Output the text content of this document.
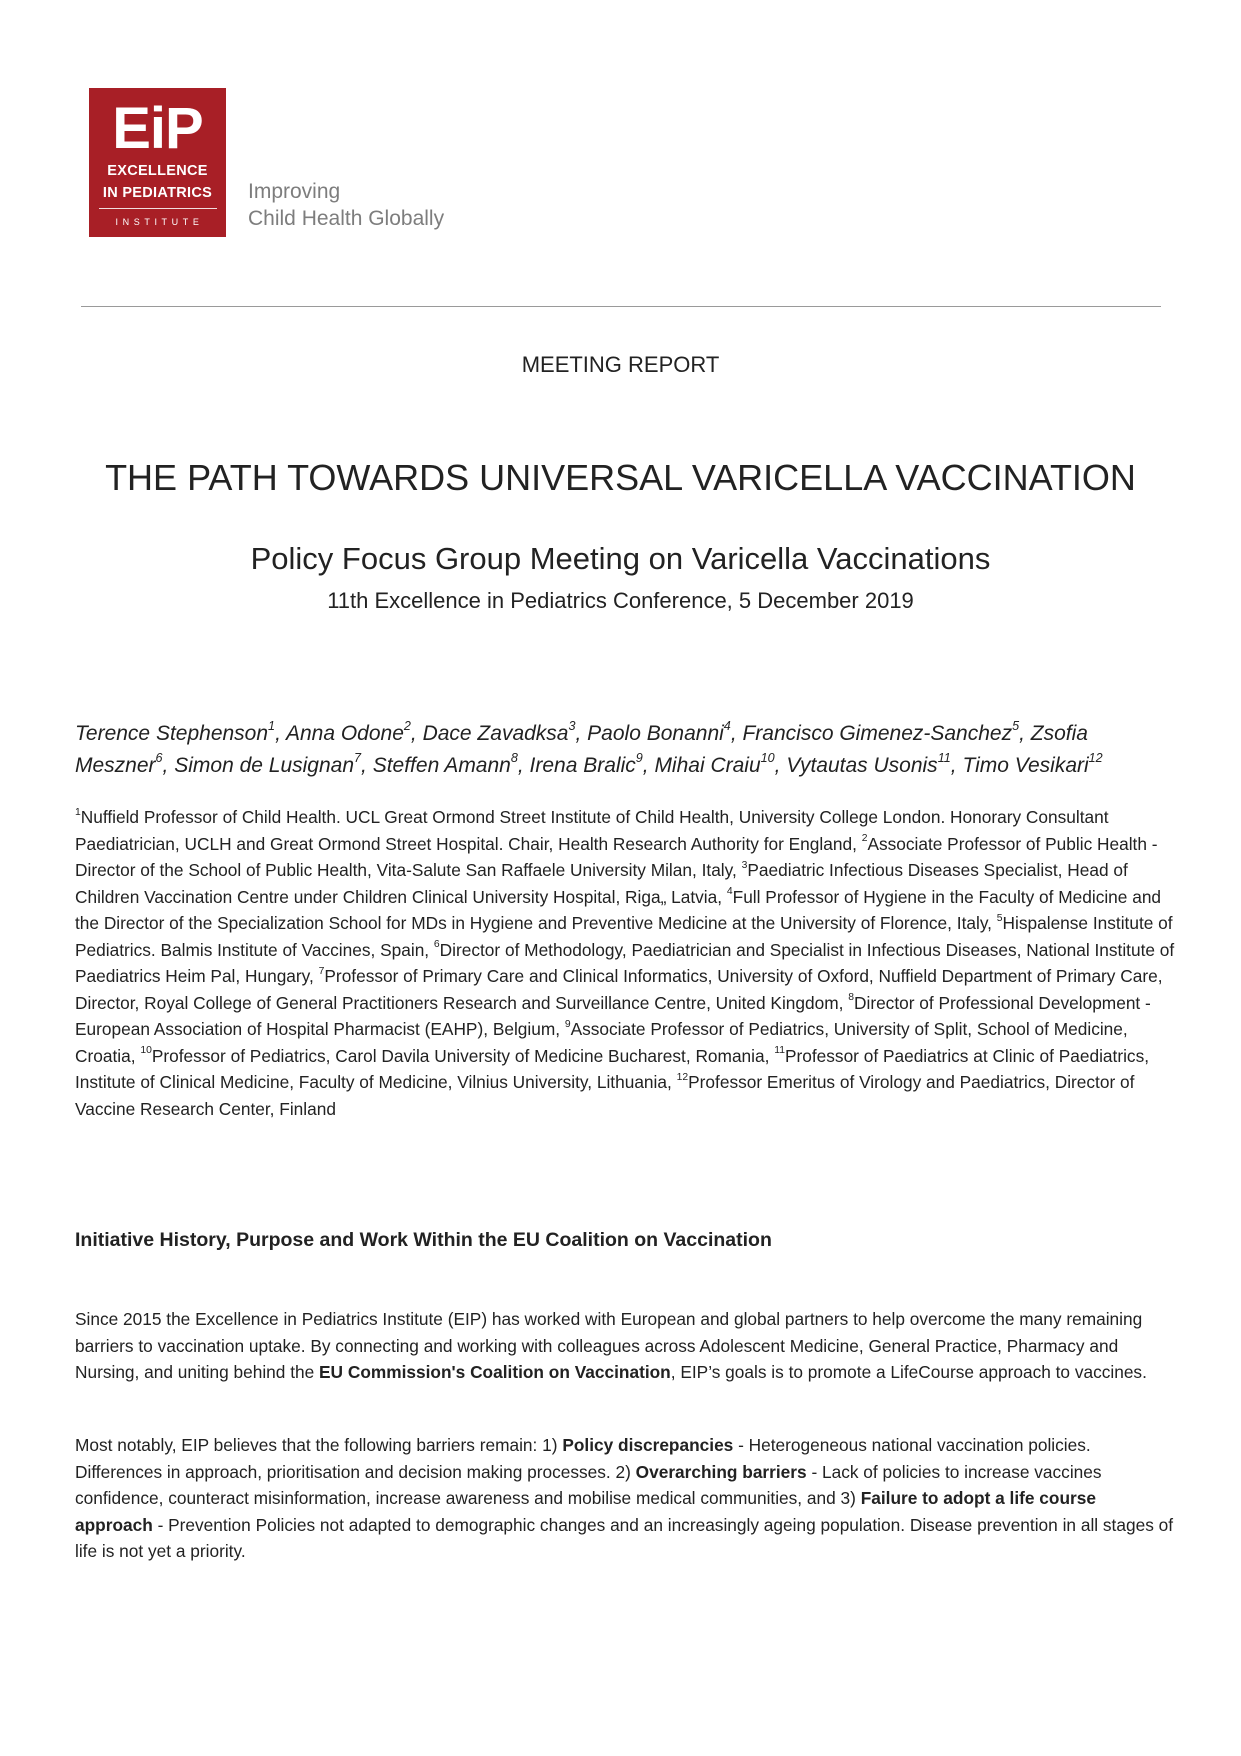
EiP
EXCELLENCE
IN PEDIATRICS
INSTITUTE
Improving
Child Health Globally
MEETING REPORT
THE PATH TOWARDS UNIVERSAL VARICELLA VACCINATION
Policy Focus Group Meeting on Varicella Vaccinations
11th Excellence in Pediatrics Conference, 5 December 2019
Terence Stephenson$^1$, Anna Odone$^2$, Dace Zavadksa$^3$, Paolo Bonanni$^4$, Francisco Gimenez-Sanchez$^5$, Zsofia Meszner$^6$, Simon de Lusignan$^7$, Steffen Amann$^8$, Irena Bralic$^9$, Mihai Craiu$^{10}$, Vytautas Usonis$^{11}$, Timo Vesikari$^{12}$
$^1$Nuffield Professor of Child Health. UCL Great Ormond Street Institute of Child Health, University College London. Honorary Consultant Paediatrician, UCLH and Great Ormond Street Hospital. Chair, Health Research Authority for England, $^2$Associate Professor of Public Health - Director of the School of Public Health, Vita-Salute San Raffaele University Milan, Italy, $^3$Paediatric Infectious Diseases Specialist, Head of Children Vaccination Centre under Children Clinical University Hospital, Riga„ Latvia, $^4$Full Professor of Hygiene in the Faculty of Medicine and the Director of the Specialization School for MDs in Hygiene and Preventive Medicine at the University of Florence, Italy, $^5$Hispalense Institute of Pediatrics. Balmis Institute of Vaccines, Spain, $^6$Director of Methodology, Paediatrician and Specialist in Infectious Diseases, National Institute of Paediatrics Heim Pal, Hungary, $^7$Professor of Primary Care and Clinical Informatics, University of Oxford, Nuffield Department of Primary Care, Director, Royal College of General Practitioners Research and Surveillance Centre, United Kingdom, $^8$Director of Professional Development - European Association of Hospital Pharmacist (EAHP), Belgium, $^9$Associate Professor of Pediatrics, University of Split, School of Medicine, Croatia, $^{10}$Professor of Pediatrics, Carol Davila University of Medicine Bucharest, Romania, $^{11}$Professor of Paediatrics at Clinic of Paediatrics, Institute of Clinical Medicine, Faculty of Medicine, Vilnius University, Lithuania, $^{12}$Professor Emeritus of Virology and Paediatrics, Director of Vaccine Research Center, Finland
Initiative History, Purpose and Work Within the EU Coalition on Vaccination
Since 2015 the Excellence in Pediatrics Institute (EIP) has worked with European and global partners to help overcome the many remaining barriers to vaccination uptake. By connecting and working with colleagues across Adolescent Medicine, General Practice, Pharmacy and Nursing, and uniting behind the EU Commission's Coalition on Vaccination, EIP’s goals is to promote a LifeCourse approach to vaccines.
Most notably, EIP believes that the following barriers remain: 1) Policy discrepancies - Heterogeneous national vaccination policies. Differences in approach, prioritisation and decision making processes. 2) Overarching barriers - Lack of policies to increase vaccines confidence, counteract misinformation, increase awareness and mobilise medical communities, and 3) Failure to adopt a life course approach - Prevention Policies not adapted to demographic changes and an increasingly ageing population. Disease prevention in all stages of life is not yet a priority.
